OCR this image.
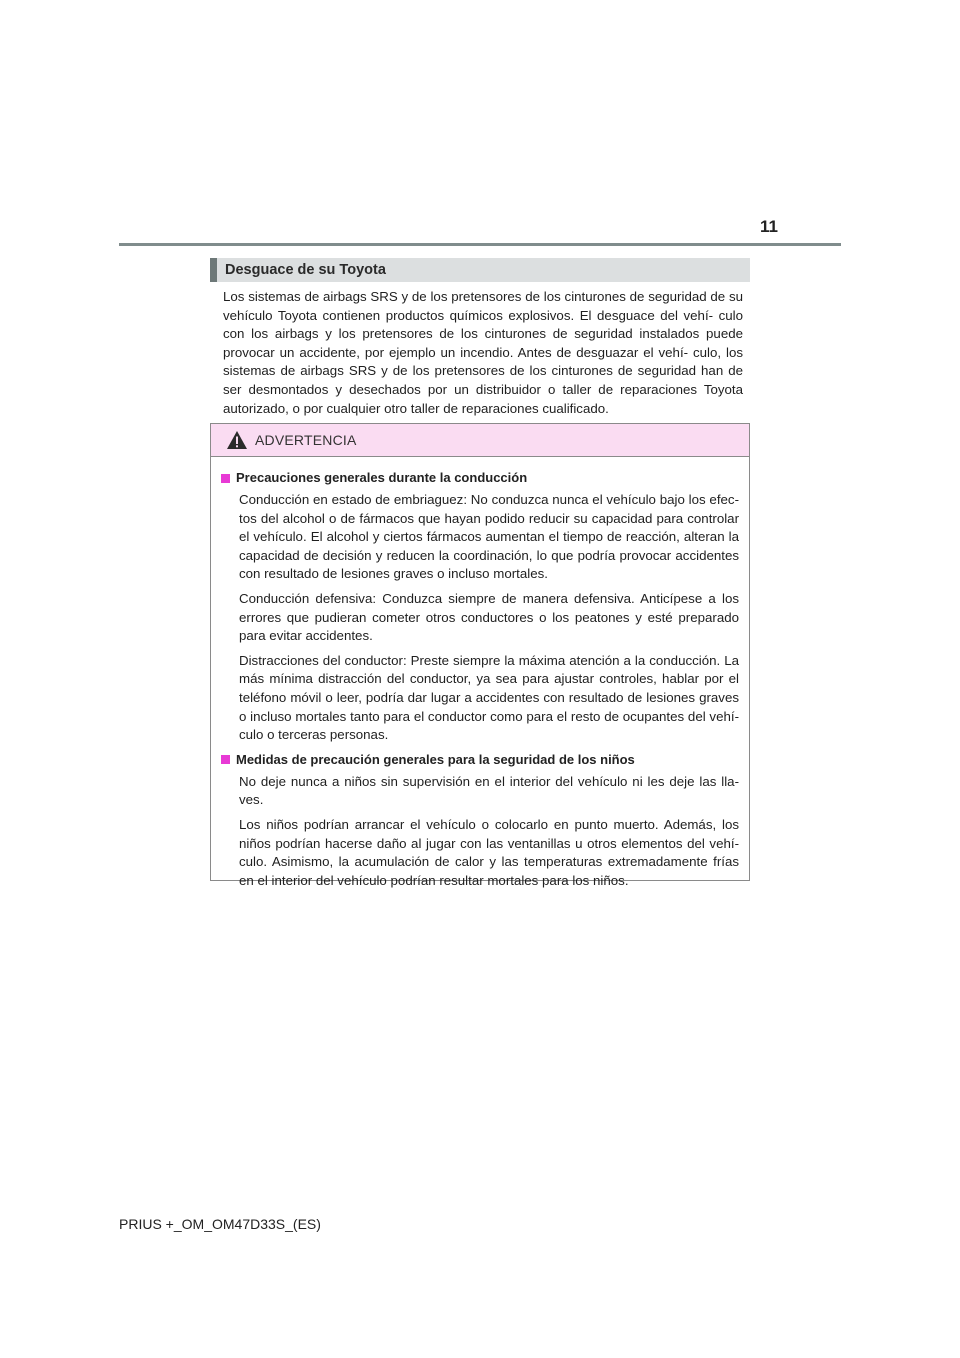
11
Desguace de su Toyota

Los sistemas de airbags SRS y de los pretensores de los cinturones de seguridad de su vehículo Toyota contienen productos químicos explosivos. El desguace del vehí- culo con los airbags y los pretensores de los cinturones de seguridad instalados puede provocar un accidente, por ejemplo un incendio. Antes de desguazar el vehí- culo, los sistemas de airbags SRS y de los pretensores de los cinturones de seguridad han de ser desmontados y desechados por un distribuidor o taller de reparaciones Toyota autorizado, o por cualquier otro taller de reparaciones cualificado.

ADVERTENCIA
Precauciones generales durante la conducción

Conducción en estado de embriaguez: No conduzca nunca el vehículo bajo los efec- tos del alcohol o de fármacos que hayan podido reducir su capacidad para controlar el vehículo. El alcohol y ciertos fármacos aumentan el tiempo de reacción, alteran la capacidad de decisión y reducen la coordinación, lo que podría provocar accidentes con resultado de lesiones graves o incluso mortales.

Conducción defensiva: Conduzca siempre de manera defensiva. Anticípese a los errores que pudieran cometer otros conductores o los peatones y esté preparado para evitar accidentes.

Distracciones del conductor: Preste siempre la máxima atención a la conducción. La más mínima distracción del conductor, ya sea para ajustar controles, hablar por el teléfono móvil o leer, podría dar lugar a accidentes con resultado de lesiones graves o incluso mortales tanto para el conductor como para el resto de ocupantes del vehí- culo o terceras personas.

Medidas de precaución generales para la seguridad de los niños

No deje nunca a niños sin supervisión en el interior del vehículo ni les deje las lla- ves.

Los niños podrían arrancar el vehículo o colocarlo en punto muerto. Además, los niños podrían hacerse daño al jugar con las ventanillas u otros elementos del vehí- culo. Asimismo, la acumulación de calor y las temperaturas extremadamente frías en el interior del vehículo podrían resultar mortales para los niños.

PRIUS +_OM_OM47D33S_(ES)
